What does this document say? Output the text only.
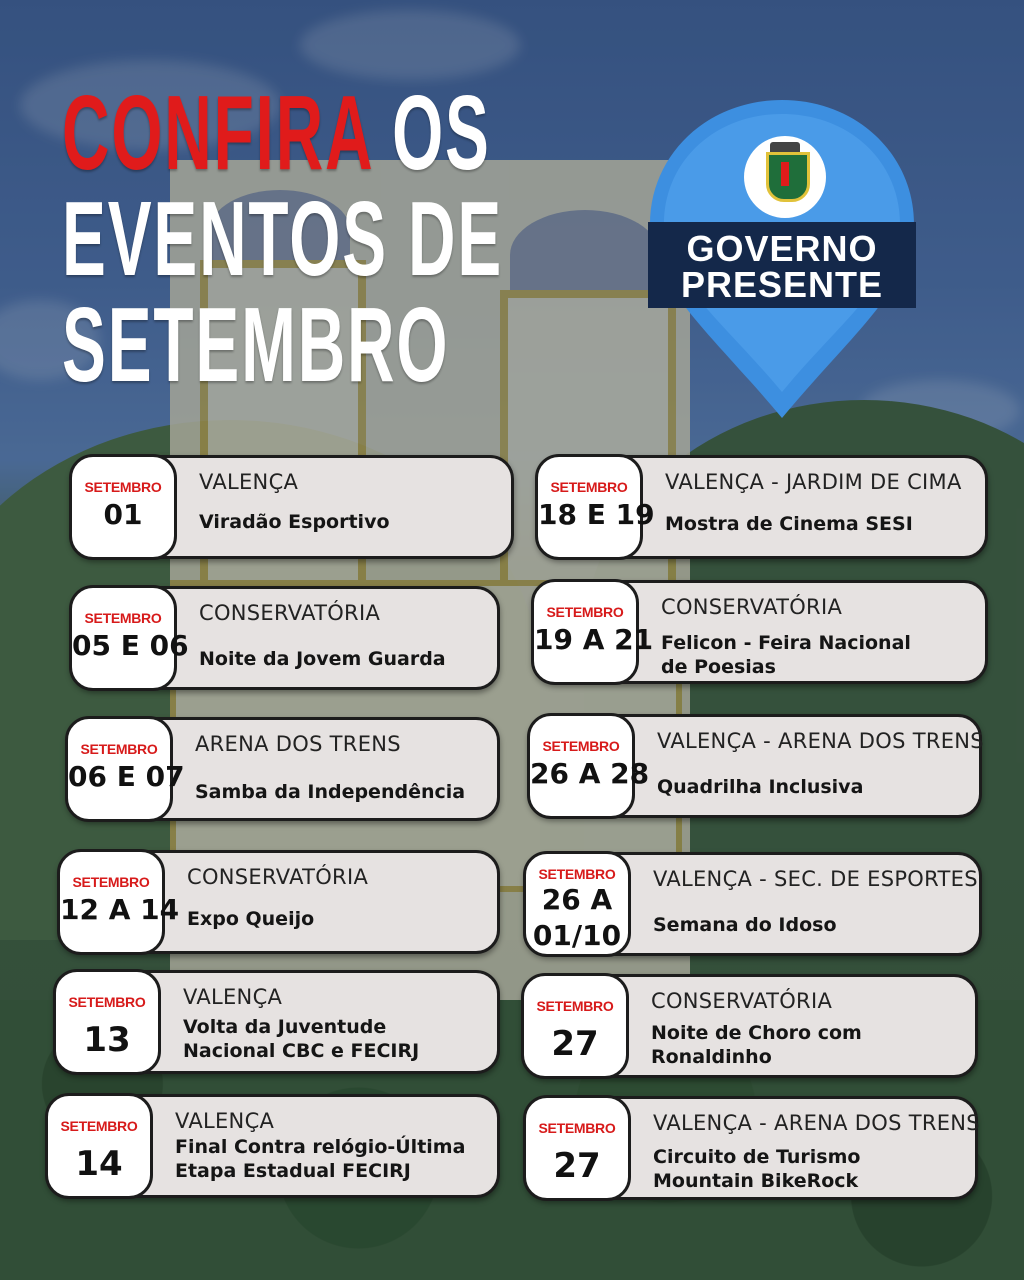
CONFIRA OS
EVENTOS DE
SETEMBRO
GOVERNO
PRESENTE
SETEMBRO
01
VALENÇA
Viradão Esportivo
SETEMBRO
05 E 06
CONSERVATÓRIA
Noite da Jovem Guarda
SETEMBRO
06 E 07
ARENA DOS TRENS
Samba da Independência
SETEMBRO
12 A 14
CONSERVATÓRIA
Expo Queijo
SETEMBRO
13
VALENÇA
Volta da Juventude
Nacional CBC e FECIRJ
SETEMBRO
14
VALENÇA
Final Contra relógio-Última
Etapa Estadual FECIRJ
SETEMBRO
18 E 19
VALENÇA - JARDIM DE CIMA
Mostra de Cinema SESI
SETEMBRO
19 A 21
CONSERVATÓRIA
Felicon - Feira Nacional
de Poesias
SETEMBRO
26 A 28
VALENÇA - ARENA DOS TRENS
Quadrilha Inclusiva
SETEMBRO
26 A
01/10
VALENÇA - SEC. DE ESPORTES
Semana do Idoso
SETEMBRO
27
CONSERVATÓRIA
Noite de Choro com
Ronaldinho
SETEMBRO
27
VALENÇA - ARENA DOS TRENS
Circuito de Turismo
Mountain BikeRock
